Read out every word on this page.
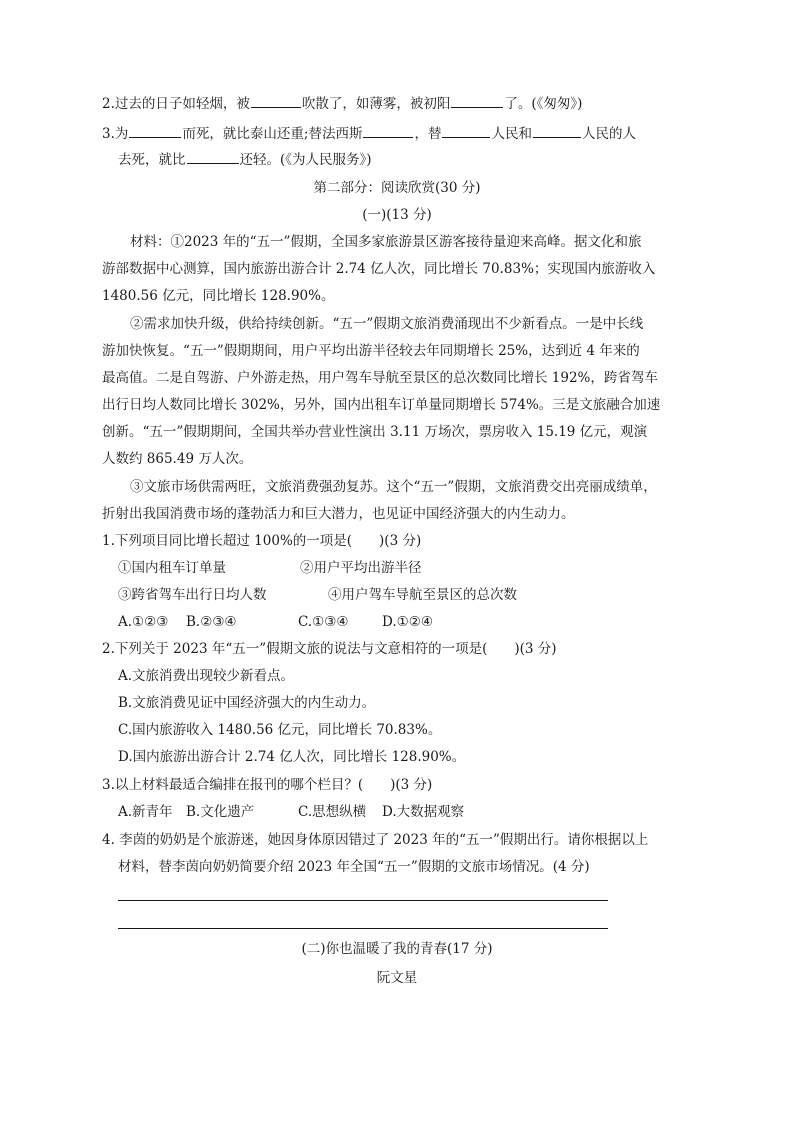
2.过去的日子如轻烟，被	吹散了，如薄雾，被初阳	了。(《匆匆》)
3.为	而死，就比泰山还重;替法西斯	，替	人民和	人民的人
去死，就比	还轻。(《为人民服务》)
第二部分：阅读欣赏(30 分)
(一)(13 分)
材料：①2023 年的“五一”假期，全国多家旅游景区游客接待量迎来高峰。据文化和旅
游部数据中心测算，国内旅游出游合计 2.74 亿人次，同比增长 70.83%；实现国内旅游收入
1480.56 亿元，同比增长 128.90%。
②需求加快升级，供给持续创新。“五一”假期文旅消费涌现出不少新看点。一是中长线
游加快恢复。“五一”假期期间，用户平均出游半径较去年同期增长 25%，达到近 4 年来的
最高值。二是自驾游、户外游走热，用户驾车导航至景区的总次数同比增长 192%，跨省驾车
出行日均人数同比增长 302%，另外，国内出租车订单量同期增长 574%。三是文旅融合加速
创新。“五一”假期期间，全国共举办营业性演出 3.11 万场次，票房收入 15.19 亿元，观演
人数约 865.49 万人次。
③文旅市场供需两旺，文旅消费强劲复苏。这个“五一”假期，文旅消费交出亮丽成绩单，
折射出我国消费市场的蓬勃活力和巨大潜力，也见证中国经济强大的内生动力。
1.下列项目同比增长超过 100%的一项是(　　)(3 分)
①国内租车订单量	②用户平均出游半径
③跨省驾车出行日均人数	④用户驾车导航至景区的总次数
A.①②③ B.②③④	C.①③④ D.①②④
2.下列关于 2023 年“五一”假期文旅的说法与文意相符的一项是(　　)(3 分)
A.文旅消费出现较少新看点。
B.文旅消费见证中国经济强大的内生动力。
C.国内旅游收入 1480.56 亿元，同比增长 70.83%。
D.国内旅游出游合计 2.74 亿人次，同比增长 128.90%。
3.以上材料最适合编排在报刊的哪个栏目？(　　)(3 分)
A.新青年 B.文化遗产	C.思想纵横 D.大数据观察
4. 李茵的奶奶是个旅游迷，她因身体原因错过了 2023 年的“五一”假期出行。请你根据以上
材料，替李茵向奶奶简要介绍 2023 年全国“五一”假期的文旅市场情况。(4 分)
(二)你也温暖了我的青春(17 分)
阮文星
